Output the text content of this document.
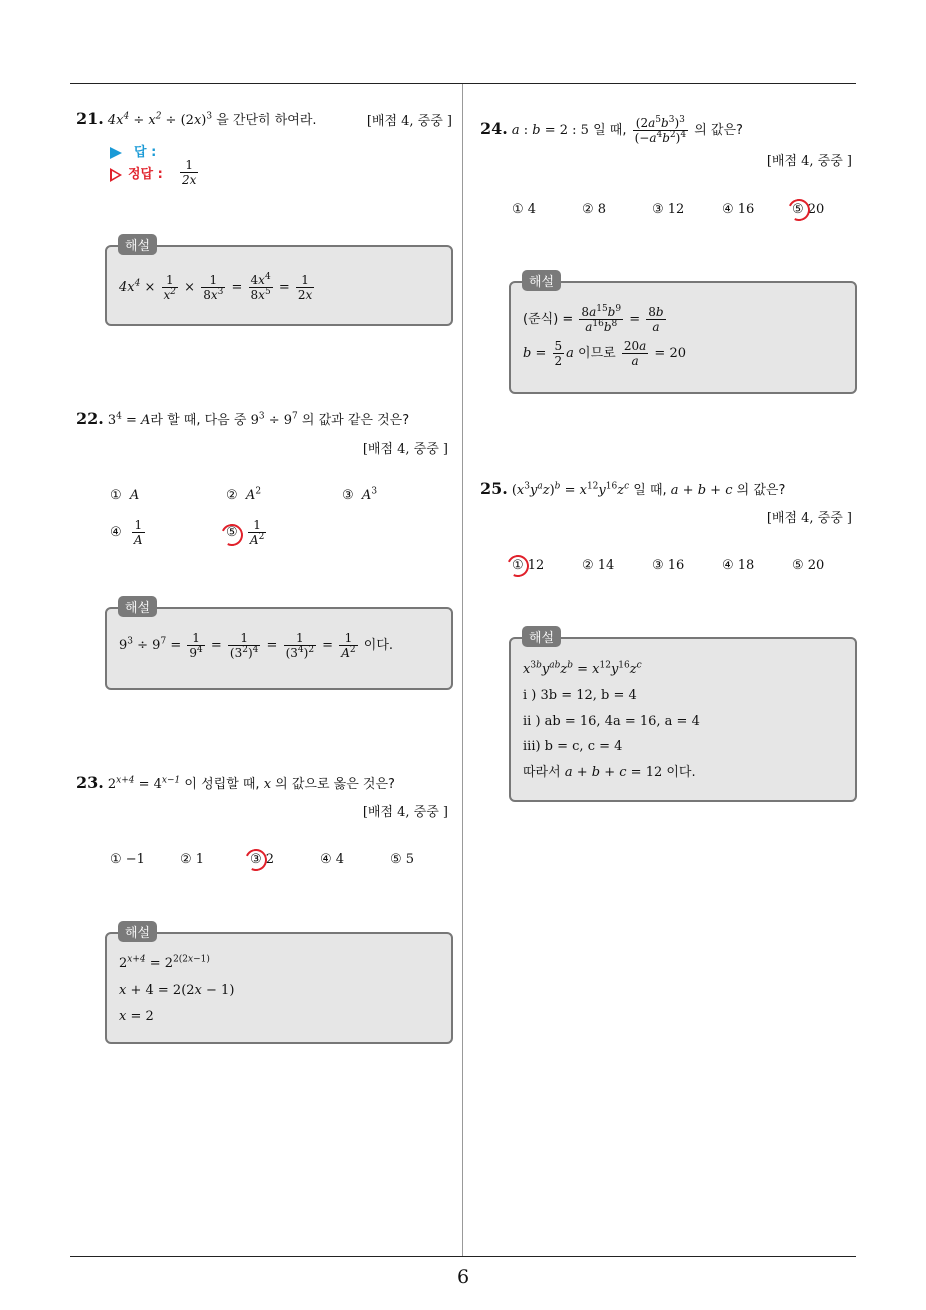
6
21. $4x^4 \div x^2 \div (2x)^3$ 을 간단히 하여라.	[배점 4, 중중 ]
답 :
정답 : $\frac{1}{2x}$
$4x^4 \times \frac{1}{x^2} \times \frac{1}{8x^3} = \frac{4x^4}{8x^5} = \frac{1}{2x}$
해설
22. $3^4 = A$라 할 때, 다음 중 $9^3 \div 9^7$ 의 값과 같은 것은?
[배점 4, 중중 ]
① A	② $A^2$	③ $A^3$
④ $\frac{1}{A}$	⑤ $\frac{1}{A^2}$
$9^3 \div 9^7 = \frac{1}{9^4} = \frac{1}{(3^2)^4} = \frac{1}{(3^4)^2} = \frac{1}{A^2}$ 이다.
해설
23. $2^{x+4} = 4^{x-1}$ 이 성립할 때, x 의 값으로 옳은 것은?
[배점 4, 중중 ]
① −1	② 1	③ 2	④ 4	⑤ 5
$2^{x+4} = 2^{2(2x-1)}$
x + 4 = 2(2x − 1)
x = 2
해설
24. a : b = 2 : 5 일 때, $\frac{(2a^5b^3)^3}{(-a^4b^2)^4}$ 의 값은?
[배점 4, 중중 ]
① 4	② 8	③ 12	④ 16	⑤ 20
(준식) = $\frac{8a^{15}b^9}{a^{16}b^8} = \frac{8b}{a}$
$b = \frac{5}{2}$ a 이므로 $\frac{20a}{a} = 20$
해설
25. $(x^3y^az)^b = x^{12}y^{16}z^c$ 일 때, a + b + c 의 값은?
[배점 4, 중중 ]
① 12	② 14	③ 16	④ 18	⑤ 20
$x^{3b}y^{ab}z^b = x^{12}y^{16}z^c$
i ) 3b = 12, b = 4
ii ) ab = 16, 4a = 16, a = 4
iii) b = c, c = 4
따라서 a + b + c = 12 이다.
해설
